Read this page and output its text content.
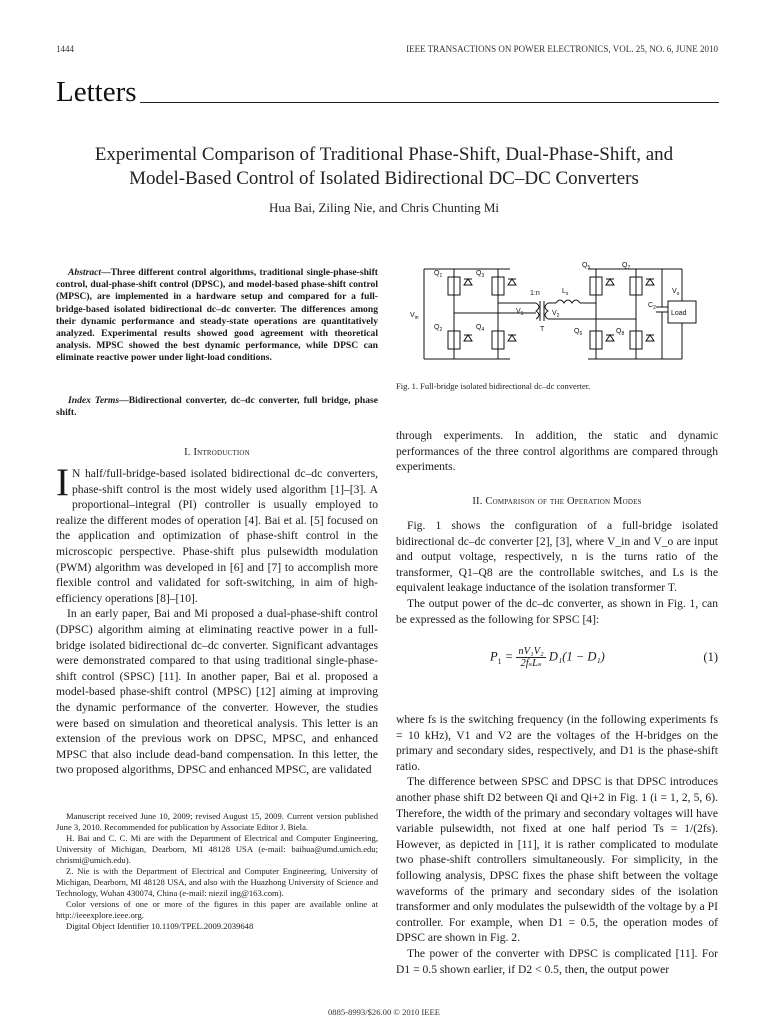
1444	IEEE TRANSACTIONS ON POWER ELECTRONICS, VOL. 25, NO. 6, JUNE 2010
Letters
Experimental Comparison of Traditional Phase-Shift, Dual-Phase-Shift, and
Model-Based Control of Isolated Bidirectional DC–DC Converters
Hua Bai, Ziling Nie, and Chris Chunting Mi

Abstract—Three different control algorithms, traditional single-phase-shift control, dual-phase-shift control (DPSC), and model-based phase-shift control (MPSC), are implemented in a hardware setup and compared for a full-bridge-based isolated bidirectional dc–dc converter. The differences among their dynamic performance and steady-state operations are quantitatively analyzed. Experimental results showed good agreement with theoretical analysis. MPSC showed the best dynamic performance, while DPSC can eliminate reactive power under light-load conditions.

Index Terms—Bidirectional converter, dc–dc converter, full bridge, phase shift.
I. Introduction

I N half/full-bridge-based isolated bidirectional dc–dc converters, phase-shift control is the most widely used algorithm [1]–[3]. A proportional–integral (PI) controller is usually employed to realize the different modes of operation [4]. Bai et al. [5] focused on the application and optimization of phase-shift control in the microscopic perspective. Phase-shift plus pulsewidth modulation (PWM) algorithm was developed in [6] and [7] to accomplish more flexible control and validated for soft-switching, in aim of high-efficiency operations [8]–[10].

In an early paper, Bai and Mi proposed a dual-phase-shift control (DPSC) algorithm aiming at eliminating reactive power in a full-bridge isolated bidirectional dc–dc converter. Significant advantages were demonstrated compared to that using traditional single-phase-shift control (SPSC) [11]. In another paper, Bai et al. proposed a model-based phase-shift control (MPSC) [12] aiming at improving the dynamic performance of the converter. However, the studies were based on simulation and theoretical analysis. This letter is an extension of the previous work on DPSC, MPSC, and enhanced MPSC that also include dead-band compensation. In this letter, the two proposed algorithms, DPSC and enhanced MPSC, are validated

Manuscript received June 10, 2009; revised August 15, 2009. Current version published June 3, 2010. Recommended for publication by Associate Editor J. Biela.

H. Bai and C. C. Mi are with the Department of Electrical and Computer Engineering, University of Michigan, Dearborn, MI 48128 USA (e-mail: baihua@umd.umich.edu; chrismi@umich.edu).

Z. Nie is with the Department of Electrical and Computer Engineering, University of Michigan, Dearborn, MI 48128 USA, and also with the Huazhong University of Science and Technology, Wuhan 430074, China (e-mail: niezil ing@163.com).

Color versions of one or more of the figures in this paper are available online at http://ieeexplore.ieee.org.

Digital Object Identifier 10.1109/TPEL.2009.2039648

$Q_1$	$Q_3$
$Q_2$	$Q_4$
$Q_5$	$Q_7$
$Q_6$	$Q_8$
$V_{in}$
$V_o$
1:n	$L_s$
$V_1$	$V_2$
T
$C_2$
Load
Fig. 1. Full-bridge isolated bidirectional dc–dc converter.

through experiments. In addition, the static and dynamic performances of the three control algorithms are compared through experiments.

II. Comparison of the Operation Modes

Fig. 1 shows the configuration of a full-bridge isolated bidirectional dc–dc converter [2], [3], where V_in and V_o are input and output voltage, respectively, n is the turns ratio of the transformer, Q1–Q8 are the controllable switches, and Ls is the equivalent leakage inductance of the isolation transformer T.

The output power of the dc–dc converter, as shown in Fig. 1, can be expressed as the following for SPSC [4]:

$P_1 = nV_1V_2$
2fₛLₛ
D₁(1 − D₁)	(1)

where fs is the switching frequency (in the following experiments fs = 10 kHz), V1 and V2 are the voltages of the H-bridges on the primary and secondary sides, respectively, and D1 is the phase-shift ratio.

The difference between SPSC and DPSC is that DPSC introduces another phase shift D2 between Qi and Qi+2 in Fig. 1 (i = 1, 2, 5, 6). Therefore, the width of the primary and secondary voltages will have variable pulsewidth, not fixed at one half period Ts = 1/(2fs). However, as depicted in [11], it is rather complicated to modulate two phase-shift controllers simultaneously. For simplicity, in the following analysis, DPSC fixes the phase shift between the voltage waveforms of the primary and secondary sides of the isolation transformer and only modulates the pulsewidth of the voltage by a PI controller. For example, when D1 = 0.5, the operation modes of DPSC are shown in Fig. 2.

The power of the converter with DPSC is complicated [11]. For D1 = 0.5 shown earlier, if D2 < 0.5, then, the output power

0885-8993/$26.00 © 2010 IEEE
